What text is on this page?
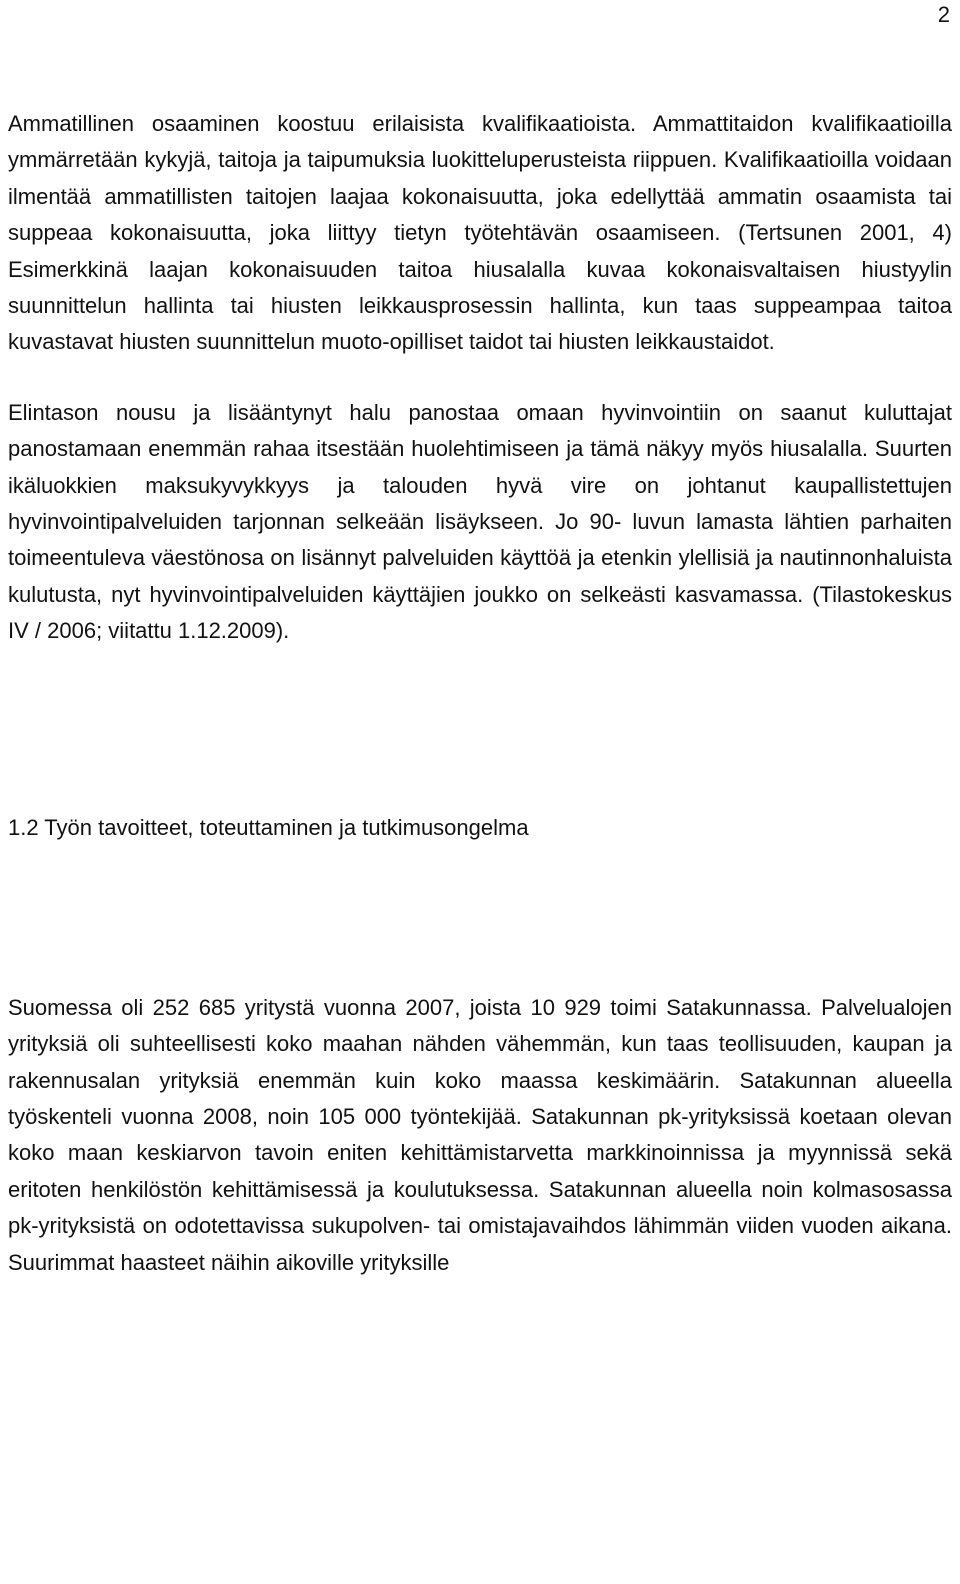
2

Ammatillinen osaaminen koostuu erilaisista kvalifikaatioista. Ammattitaidon kvalifikaatioilla ymmärretään kykyjä, taitoja ja taipumuksia luokitteluperusteista riippuen. Kvalifikaatioilla voidaan ilmentää ammatillisten taitojen laajaa kokonaisuutta, joka edellyttää ammatin osaamista tai suppeaa kokonaisuutta, joka liittyy tietyn työtehtävän osaamiseen. (Tertsunen 2001, 4) Esimerkkinä laajan kokonaisuuden taitoa hiusalalla kuvaa kokonaisvaltaisen hiustyylin suunnittelun hallinta tai hiusten leikkausprosessin hallinta, kun taas suppeampaa taitoa kuvastavat hiusten suunnittelun muoto-opilliset taidot tai hiusten leikkaustaidot.

Elintason nousu ja lisääntynyt halu panostaa omaan hyvinvointiin on saanut kuluttajat panostamaan enemmän rahaa itsestään huolehtimiseen ja tämä näkyy myös hiusalalla. Suurten ikäluokkien maksukyvykkyys ja talouden hyvä vire on johtanut kaupallistettujen hyvinvointipalveluiden tarjonnan selkeään lisäykseen. Jo 90- luvun lamasta lähtien parhaiten toimeentuleva väestönosa on lisännyt palveluiden käyttöä ja etenkin ylellisiä ja nautinnonhaluista kulutusta, nyt hyvinvointipalveluiden käyttäjien joukko on selkeästi kasvamassa. (Tilastokeskus IV / 2006; viitattu 1.12.2009).

1.2 Työn tavoitteet, toteuttaminen ja tutkimusongelma

Suomessa oli 252 685 yritystä vuonna 2007, joista 10 929 toimi Satakunnassa. Palvelualojen yrityksiä oli suhteellisesti koko maahan nähden vähemmän, kun taas teollisuuden, kaupan ja rakennusalan yrityksiä enemmän kuin koko maassa keskimäärin. Satakunnan alueella työskenteli vuonna 2008, noin 105 000 työntekijää. Satakunnan pk-yrityksissä koetaan olevan koko maan keskiarvon tavoin eniten kehittämistarvetta markkinoinnissa ja myynnissä sekä eritoten henkilöstön kehittämisessä ja koulutuksessa. Satakunnan alueella noin kolmasosassa pk-yrityksistä on odotettavissa sukupolven- tai omistajavaihdos lähimmän viiden vuoden aikana. Suurimmat haasteet näihin aikoville yrityksille
